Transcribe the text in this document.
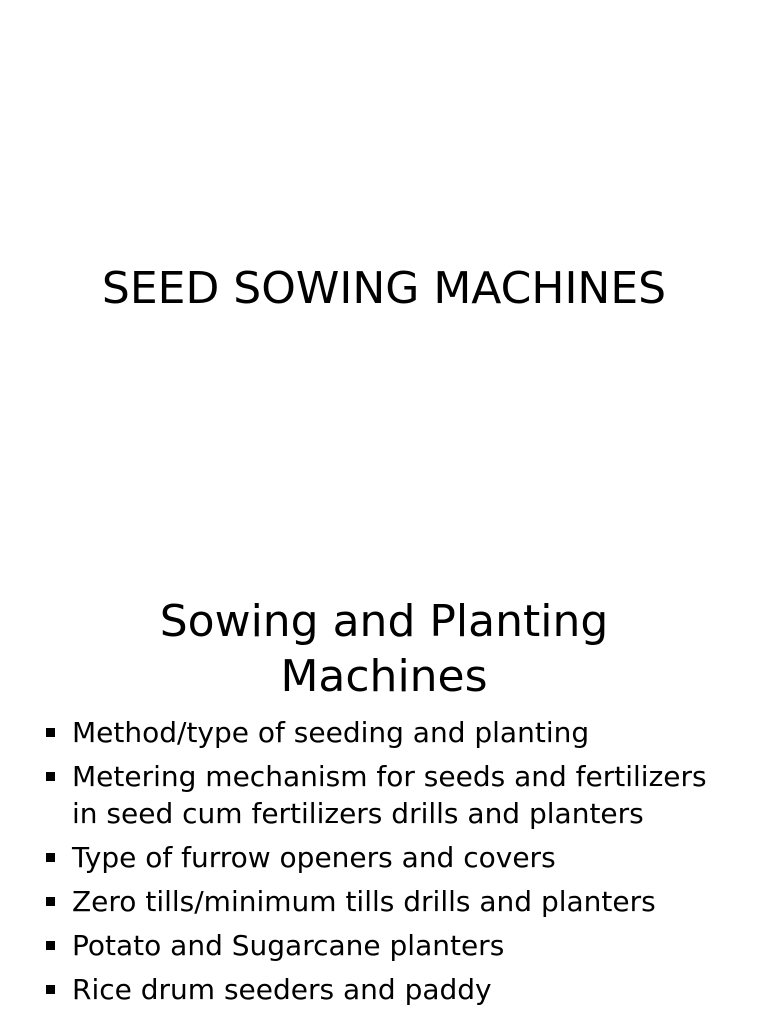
SEED SOWING MACHINES
Sowing and Planting
Machines
Method/type of seeding and planting
Metering mechanism for seeds and fertilizers in seed cum fertilizers drills and planters
Type of furrow openers and covers
Zero tills/minimum tills drills and planters
Potato and Sugarcane planters
Rice drum seeders and paddy
